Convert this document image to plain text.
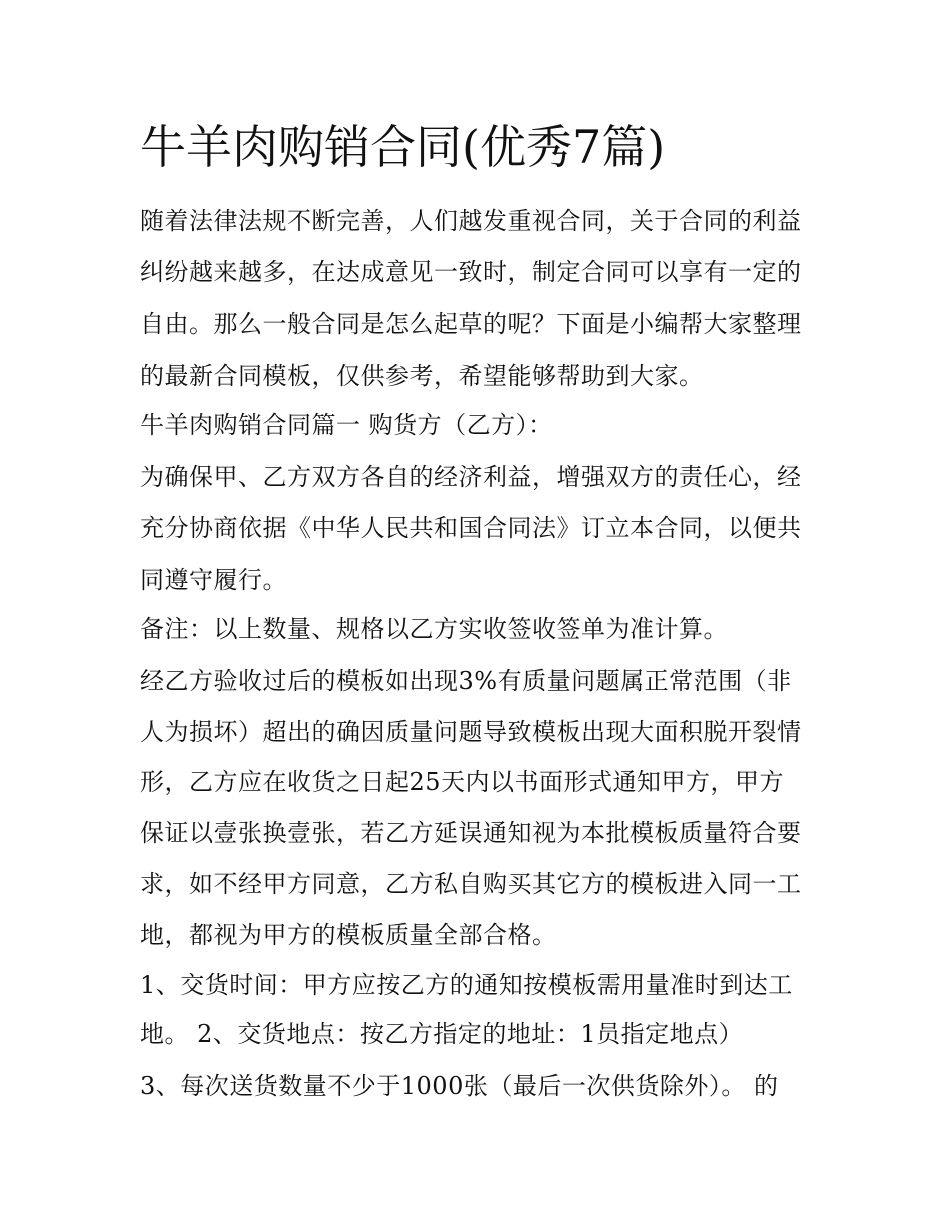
牛羊肉购销合同(优秀7篇)

随着法律法规不断完善，人们越发重视合同，关于合同的利益

纠纷越来越多，在达成意见一致时，制定合同可以享有一定的

自由。那么一般合同是怎么起草的呢？下面是小编帮大家整理

的最新合同模板，仅供参考，希望能够帮助到大家。

牛羊肉购销合同篇一 购货方（乙方）：

为确保甲、乙方双方各自的经济利益，增强双方的责任心，经

充分协商依据《中华人民共和国合同法》订立本合同，以便共

同遵守履行。

备注：以上数量、规格以乙方实收签收签单为准计算。

经乙方验收过后的模板如出现3%有质量问题属正常范围（非

人为损坏）超出的确因质量问题导致模板出现大面积脱开裂情

形，乙方应在收货之日起25天内以书面形式通知甲方，甲方

保证以壹张换壹张，若乙方延误通知视为本批模板质量符合要

求，如不经甲方同意，乙方私自购买其它方的模板进入同一工

地，都视为甲方的模板质量全部合格。

1、交货时间：甲方应按乙方的通知按模板需用量准时到达工

地。 2、交货地点：按乙方指定的地址：1员指定地点）

3、每次送货数量不少于1000张（最后一次供货除外）。 的
